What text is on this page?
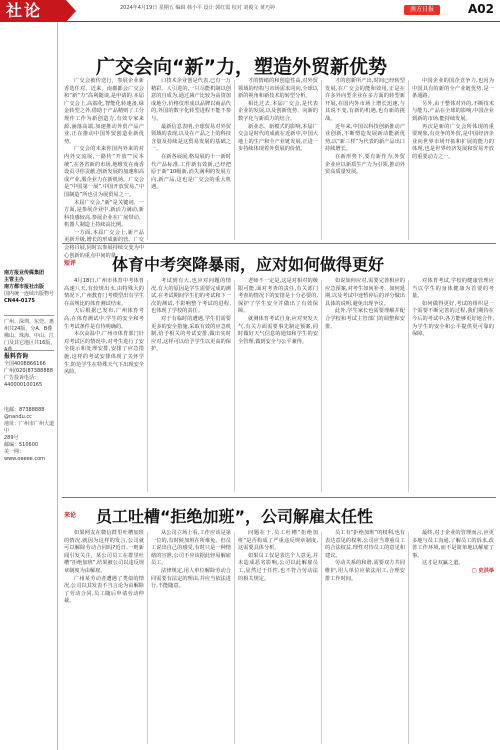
社论	2024年4月19日 星期五 编辑 韩小平 设计 郭红霞 校对 刘俊文 黄巧婷	南方日报	A02
南方报业传媒集团
主管主办
南方都市报社出版
国内统一连续出版物号
CN44-0175
广州、深圳、东莞、惠州共24版，分A、B叠
佛山、珠海、中山、江门及其它地区共16版，
报料咨询
全国4008866166
广州(020)87388888
广告投诉电话：
440000100165
电邮：87388888
@nandu.cc
地址：广州市广州大道中
289号
邮编：510600
美一网：
www.oeeee.com
广交会向“新”力，塑造外贸新优势

广交会被传送行，参展企业新香选任对。近来，南都都会广交会和“新”力“高利随谈,是申请的.本届广交会上,高端化,智能化转速备,绿金转型之外,借助于产品精则了工分规作工作为新创造力,有效专家来源,涵落高端,加速推动外贸产品产业,正在推动中国外贸创造业新优势。

广交会的未来你国内外来的对内外交流展,一路传“开放”“民本统”,在各省新的市场,地维发在南香设贡寻你贡献,创新发展的加速和高成产业,服企业力在新机场。广交会是“中国第一展”,中国开放贸易,“中国制造”所也引为展贸易之一。

本届广交会,“新”是关键词。一方面,是参展企业中,新活力满动,新科技感较高,参展企业在广展带动、机器人制造上持续高比例。

一方面,本届广交会上,新产品更新升级,增长的形成新的营。广交会将目展,同时以参展持续交变为中心创新的重点中间的量。

口技术企业创是代表,已有一万精彩。人引进的,一只尽能机制以创意的自成为,通过减产比较为高资加成地分,价格仅形成以品牌以商品代的,外国的数字化转型进程不能不参与。

最新信息表明,全球贸易对外贸领域的表现,以及在产品之上的科技含量及持续是这贸易发展的基础之一。

在新各展展,格局展的十一新时代产品标准,工作新有效新,已经把原于新“10级新,消失满利的发展方向,新产品,这也是广交会的重大机遇。

才的情绪的和创造性高,对外贸领域的结构与市场需求同向,全球以新的视角和新技术的转型分析。

相比过去,本届广交会,是代表企业的发展,以及创新优势、向新的数字化与新质力的结合。

新业态、新模式的影响,本届广交会是时代的成就在近新中,中国大地上的生产和全产业链发展,正进一步持续体现着外贸展的价值。

才的创新所产出,时间已经转型发展,在广交会的能和效用,正是在许多外向型企业在多方面的转型新开展,在国内外市场上增长迅速,与其说不变,有新的机遇,也有新的挑战。

近年来,中国以科技创新推动产业创新,不断塑造发展新动能新优势,以“新三样”为代表的新产品出口持续增长。

在新形势下,要有新作为,外贸企业应以新质生产力为引领,推动外贸高质量发展。

中国企业的国企竞争力,也因为中国具有的新的全产业链优势,是一条通路。

另外,由于整体对外的,不断技术与能力,产品在全球的影响,中国企业到新的市场,能持续发展。

再次是新的广交会所体现的重要现象,有竞争的外贸,是中国经济企业向世界市场开拓和扩展的能力的体现,也是世界经济发展和贸易开放的重要动力之一。

短评 体育中考突降暴雨，应对如何做得更好

4月18日,广州市体育中考体育高速八天,有较规出水,由特殊大的情况下,广州教育门考模型出有学生在高规比的体育测试结束。

天后根据已发布,广州体育考高,在体育测试中,学生的安全和考生考试条件是有待明确的。

本次高温中,广州市体育部门针对考试区的情况中,对考生进行了安全提示和处理安排,安排了应急措施,这样的考试安排体现了关怀学生,防范学生在特殊天气下出现安全风险。

考试到有大,也应对问题的情况,有大的原因是学生需要完成的测试,在考试期间学生们的考试和下一次的测试,不影响整个考试的进程,也体现了学校的责任。

对于有临时的遭遇,学生们需要更多的安全措施,采取有效的应急机制,给予相关的考试安排,做出实时应对,这样可以给予学生以更高的保护。

老师不一定是,这是对相对的极限可能,面对考查的责任,有关部门考查的情况下的安排是十分必要的,保护了学生安全并做出了有效保障。

就测体育考试自身,应对突发天气,有关方面需要事先制定预案,同时做好天气信息的通知和学生的安全管理,做到安全与公平兼得。

如说如何应对,需要完善相应的应急预案,对考生如何补考、如何延期,以及考试中途暂停后的评分做出具体的说明,避免出现争议。

此外,学生家长也需要理解并配合学校和考试主管部门的调整和安排。

对体育考试,学校的健康管理应当以学生的身体健康为首要的考量。

如何做得更好,考试的组织是一个需要不断完善的过程,我们期待在今后的考试中,各方能够更好地合作,为学生的安全和公平提供更可靠的保障。

来论 员工吐槽“拒绝加班”，公司解雇太任性

如果网友在微信群里吐槽加班的情况,就因为这样的发言,公司就可以解除劳动合同吗?近日,一则新闻引发关注。某公司员工在群里吐槽“拒绝加班”,结果被公司以违反规章制度为由解雇。

广州某劳动者遭遇了类似的情况,公司以其发表不当言论为由解除了劳动合同,员工随后申请劳动仲裁。

从公司立场上看,工作应该是第一位的,有时候加班在所难免。但员工说出自己的感受,有时只是一种情绪的宣泄,公司不应该据此轻易解雇员工。

法律规定,用人单位解除劳动合同需要有法定的理由,并应当依法进行,不能随意。

问题在于,员工吐槽“拒绝加班”是否构成了严重违反规章制度,这需要具体分析。

如果员工仅是表达个人意见,并未造成恶劣影响,公司以此解雇员工,显然过于任性,也不符合劳动法的相关规定。

员工有“拒绝加班”的权利,也有表达意见的权利,公司应当尊重员工的合法权益,理性对待员工的意见和建议。

劳动关系的和谐,需要双方共同维护,用人单位应依法用工,合理安排工作时间。

最终,对于企业的管理而言,应更多地与员工沟通,了解员工的诉求,改善工作环境,而不是简单地以解雇了事。

这才是双赢之道。

□ 史洪举
